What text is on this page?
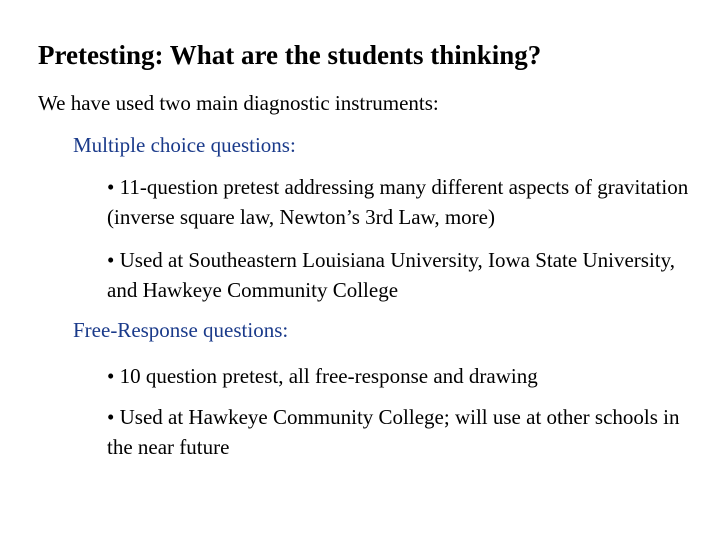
Pretesting: What are the students thinking?
We have used two main diagnostic instruments:
Multiple choice questions:

• 11-question pretest addressing many different aspects of gravitation (inverse square law, Newton’s 3rd Law, more)

• Used at Southeastern Louisiana University, Iowa State University, and Hawkeye Community College

Free-Response questions:

• 10 question pretest, all free-response and drawing

• Used at Hawkeye Community College; will use at other schools in the near future
